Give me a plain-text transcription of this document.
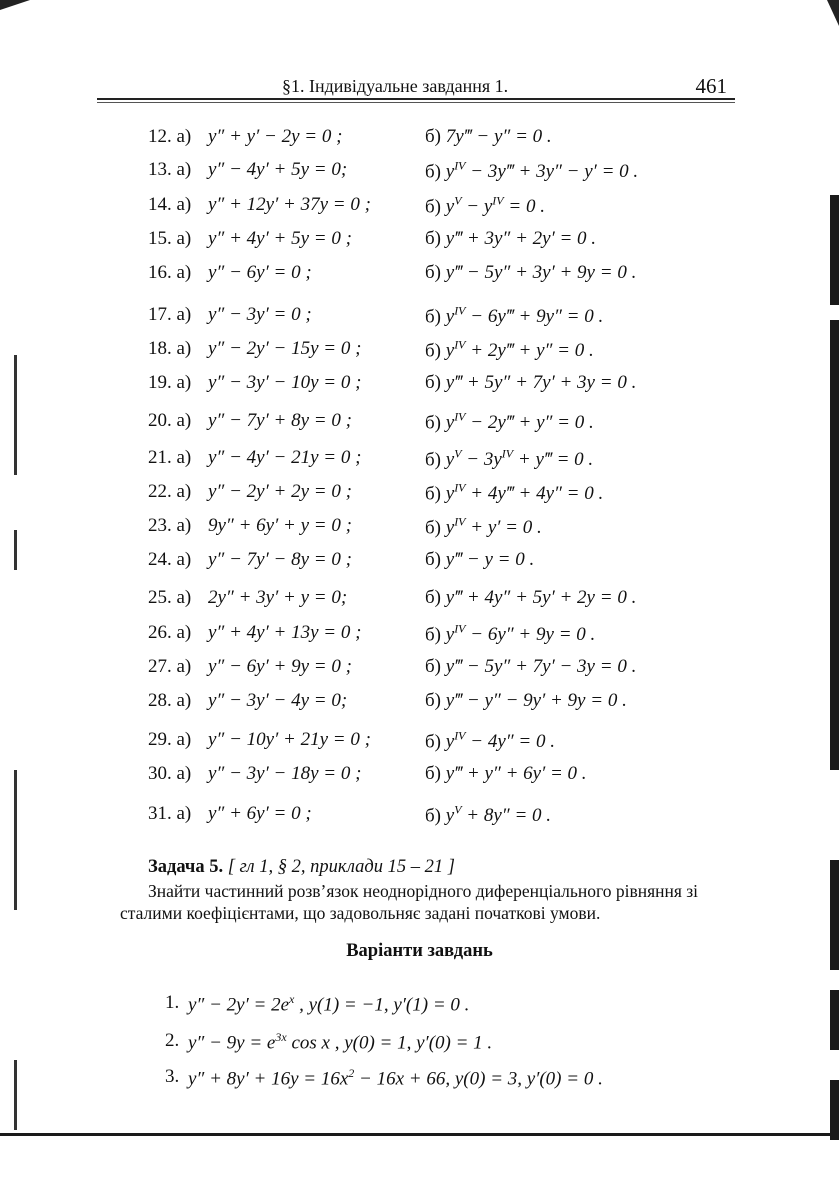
§1. Індивідуальне завдання 1.	461
12. а) y″ + y′ − 2y = 0 ;	б) 7y‴ − y″ = 0 .
13. а) y″ − 4y′ + 5y = 0;	б) $y^{IV}$ − 3y‴ + 3y″ − y′ = 0 .
14. а) y″ + 12y′ + 37y = 0 ;	б) $y^V - y^{IV} = 0$ .
15. а) y″ + 4y′ + 5y = 0 ;	б) y‴ + 3y″ + 2y′ = 0 .
16. а) y″ − 6y′ = 0 ;	б) y‴ − 5y″ + 3y′ + 9y = 0 .
17. а) y″ − 3y′ = 0 ;	б) $y^{IV}$ − 6y‴ + 9y″ = 0 .
18. а) y″ − 2y′ − 15y = 0 ;	б) $y^{IV}$ + 2y‴ + y″ = 0 .
19. а) y″ − 3y′ − 10y = 0 ;	б) y‴ + 5y″ + 7y′ + 3y = 0 .
20. а) y″ − 7y′ + 8y = 0 ;	б) $y^{IV}$ − 2y‴ + y″ = 0 .
21. а) y″ − 4y′ − 21y = 0 ;	б) $y^V - 3y^{IV}$ + y‴ = 0 .
22. а) y″ − 2y′ + 2y = 0 ;	б) $y^{IV}$ + 4y‴ + 4y″ = 0 .
23. а) 9y″ + 6y′ + y = 0 ;	б) $y^{IV} + y' = 0$ .
24. а) y″ − 7y′ − 8y = 0 ;	б) y‴ − y = 0 .
25. а) 2y″ + 3y′ + y = 0;	б) y‴ + 4y″ + 5y′ + 2y = 0 .
26. а) y″ + 4y′ + 13y = 0 ;	б) $y^{IV} - 6y'' + 9y = 0$ .
27. а) y″ − 6y′ + 9y = 0 ;	б) y‴ − 5y″ + 7y′ − 3y = 0 .
28. а) y″ − 3y′ − 4y = 0;	б) y‴ − y″ − 9y′ + 9y = 0 .
29. а) y″ − 10y′ + 21y = 0 ;	б) $y^{IV} - 4y'' = 0$ .
30. а) y″ − 3y′ − 18y = 0 ;	б) y‴ + y″ + 6y′ = 0 .
31. а) y″ + 6y′ = 0 ;	б) $y^V + 8y'' = 0$ .
Задача 5. [ гл 1, § 2, приклади 15 – 21 ]
Знайти частинний розв’язок неоднорідного диференціального рівняння зі сталими коефіцієнтами, що задовольняє задані початкові умови.
Варіанти завдань
1. $y'' - 2y' = 2e^x$ , y(1) = −1, y′(1) = 0 .
2. $y'' - 9y = e^{3x}$ cos x , y(0) = 1, y′(0) = 1 .
3. $y'' + 8y' + 16y = 16x^2 - 16x + 66$, y(0) = 3, y′(0) = 0 .
